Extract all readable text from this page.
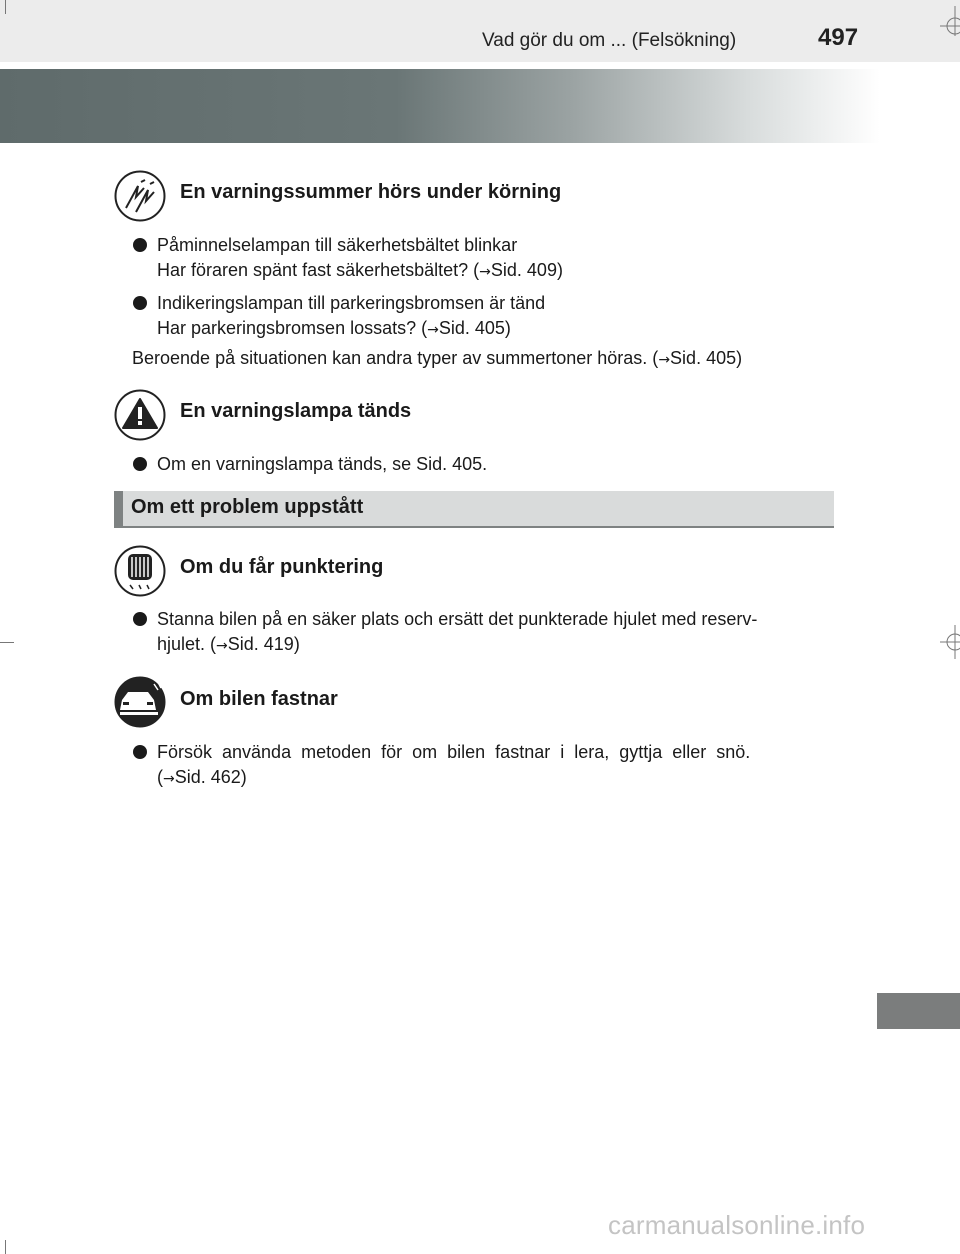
Vad gör du om ... (Felsökning)	497
En varningssummer hörs under körning
Påminnelselampan till säkerhetsbältet blinkar
Har föraren spänt fast säkerhetsbältet? (→Sid. 409)
Indikeringslampan till parkeringsbromsen är tänd
Har parkeringsbromsen lossats? (→Sid. 405)
Beroende på situationen kan andra typer av summertoner höras. (→Sid. 405)
En varningslampa tänds
Om en varningslampa tänds, se Sid. 405.
Om ett problem uppstått
Om du får punktering
Stanna bilen på en säker plats och ersätt det punkterade hjulet med reserv-
hjulet. (→Sid. 419)
Om bilen fastnar
Försök  använda  metoden  för  om  bilen  fastnar  i  lera,  gyttja  eller  snö.
(→Sid. 462)
carmanualsonline.info
